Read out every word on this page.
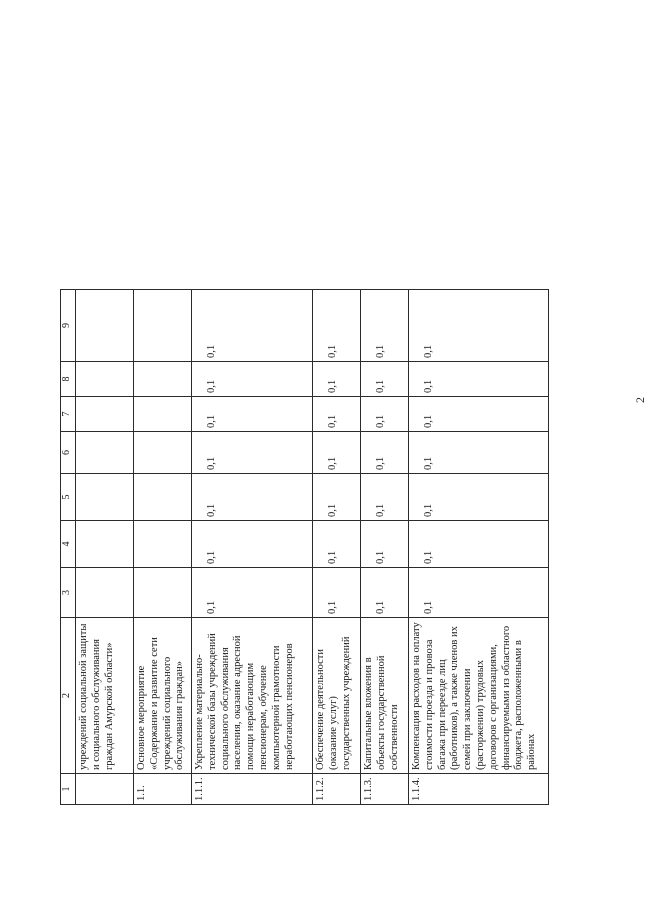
2
1	2	3	4	5	6	7	8	9
	учреждений социальной защиты и социального обслуживания граждан Амурской области»							
1.1.	Основное мероприятие «Содержание и развитие сети учреждений социального обслуживания граждан»							
1.1.1.	Укрепление материально-технической базы учреждений социального обслуживания населения, оказание адресной помощи неработающим пенсионерам, обучение компьютерной грамотности неработающих пенсионеров	0,1	0,1	0,1	0,1	0,1	0,1	0,1
1.1.2.	Обеспечение деятельности (оказание услуг) государственных учреждений	0,1	0,1	0,1	0,1	0,1	0,1	0,1
1.1.3.	Капитальные вложения в объекты государственной собственности	0,1	0,1	0,1	0,1	0,1	0,1	0,1
1.1.4.	Компенсация расходов на оплату стоимости проезда и провоза багажа при переезде лиц (работников), а также членов их семей при заключении (расторжении) трудовых договоров с организациями, финансируемыми из областного бюджета, расположенными в районах	0,1	0,1	0,1	0,1	0,1	0,1	0,1
